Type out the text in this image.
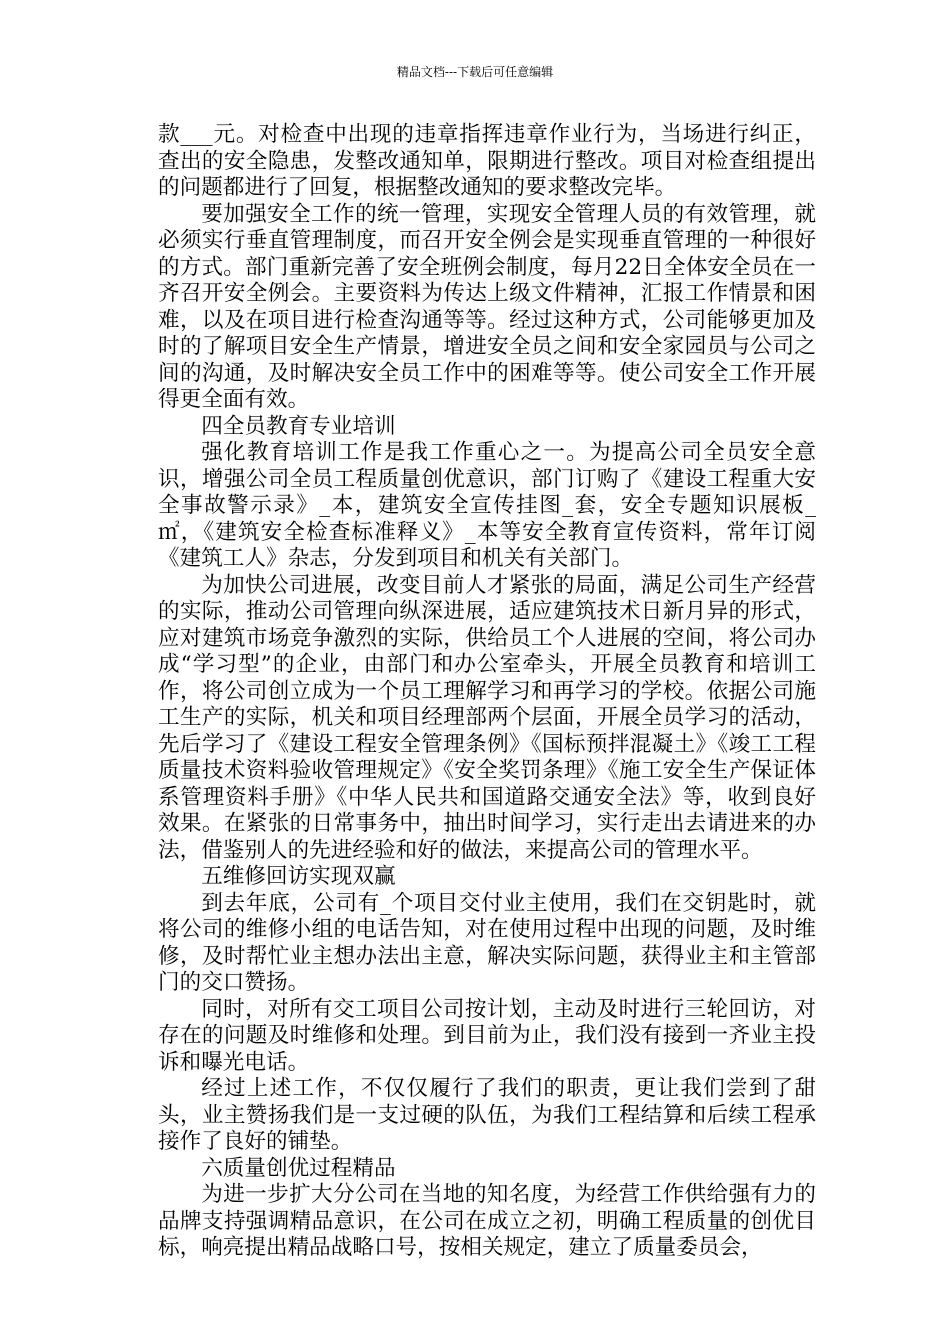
精品文档---下载后可任意编辑

款___元。对检查中出现的违章指挥违章作业行为，当场进行纠正，查出的安全隐患，发整改通知单，限期进行整改。项目对检查组提出的问题都进行了回复，根据整改通知的要求整改完毕。

要加强安全工作的统一管理，实现安全管理人员的有效管理，就必须实行垂直管理制度，而召开安全例会是实现垂直管理的一种很好的方式。部门重新完善了安全班例会制度，每月22日全体安全员在一齐召开安全例会。主要资料为传达上级文件精神，汇报工作情景和困难，以及在项目进行检查沟通等等。经过这种方式，公司能够更加及时的了解项目安全生产情景，增进安全员之间和安全家园员与公司之间的沟通，及时解决安全员工作中的困难等等。使公司安全工作开展得更全面有效。

四全员教育专业培训

强化教育培训工作是我工作重心之一。为提高公司全员安全意识，增强公司全员工程质量创优意识，部门订购了《建设工程重大安全事故警示录》_本，建筑安全宣传挂图_套，安全专题知识展板_㎡，《建筑安全检查标准释义》_本等安全教育宣传资料，常年订阅《建筑工人》杂志，分发到项目和机关有关部门。

为加快公司进展，改变目前人才紧张的局面，满足公司生产经营的实际，推动公司管理向纵深进展，适应建筑技术日新月异的形式，应对建筑市场竞争激烈的实际，供给员工个人进展的空间，将公司办成“学习型”的企业，由部门和办公室牵头，开展全员教育和培训工作，将公司创立成为一个员工理解学习和再学习的学校。依据公司施工生产的实际，机关和项目经理部两个层面，开展全员学习的活动，先后学习了《建设工程安全管理条例》《国标预拌混凝土》《竣工工程质量技术资料验收管理规定》《安全奖罚条理》《施工安全生产保证体系管理资料手册》《中华人民共和国道路交通安全法》等，收到良好效果。在紧张的日常事务中，抽出时间学习，实行走出去请进来的办法，借鉴别人的先进经验和好的做法，来提高公司的管理水平。

五维修回访实现双赢

到去年底，公司有_个项目交付业主使用，我们在交钥匙时，就将公司的维修小组的电话告知，对在使用过程中出现的问题，及时维修，及时帮忙业主想办法出主意，解决实际问题，获得业主和主管部门的交口赞扬。

同时，对所有交工项目公司按计划，主动及时进行三轮回访，对存在的问题及时维修和处理。到目前为止，我们没有接到一齐业主投诉和曝光电话。

经过上述工作，不仅仅履行了我们的职责，更让我们尝到了甜头，业主赞扬我们是一支过硬的队伍，为我们工程结算和后续工程承接作了良好的铺垫。

六质量创优过程精品

为进一步扩大分公司在当地的知名度，为经营工作供给强有力的品牌支持强调精品意识，在公司在成立之初，明确工程质量的创优目标，响亮提出精品战略口号，按相关规定，建立了质量委员会，
